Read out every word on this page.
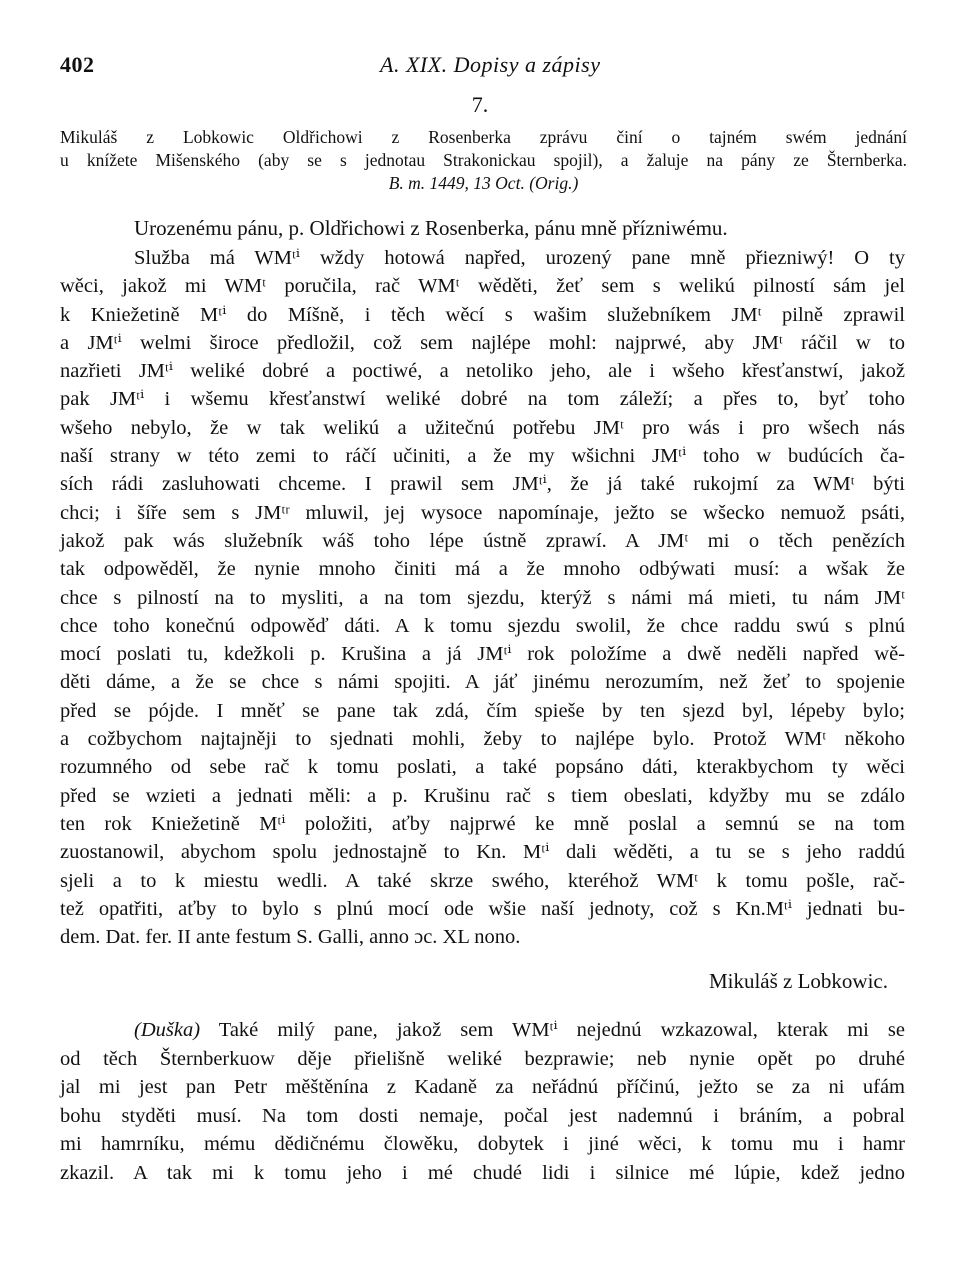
402	A. XIX. Dopisy a zápisy
7.
Mikuláš z Lobkowic Oldřichowi z Rosenberka zprávu činí o tajném swém jednání
u knížete Mišenského (aby se s jednotau Strakonickau spojil), a žaluje na pány ze Šternberka.
B. m. 1449, 13 Oct. (Orig.)
Urozenému pánu, p. Oldřichowi z Rosenberka, pánu mně přízniwému.
Služba má WMᵗⁱ wždy hotowá napřed, urozený pane mně přiezniwý! O ty
wěci, jakož mi WMᵗ poručila, rač WMᵗ wěděti, žeť sem s welikú pilností sám jel
k Kniežetině Mᵗⁱ do Míšně, i těch wěcí s wašim služebníkem JMᵗ pilně zprawil
a JMᵗⁱ welmi široce předložil, což sem najlépe mohl: najprwé, aby JMᵗ ráčil w to
nazřieti JMᵗⁱ weliké dobré a poctiwé, a netoliko jeho, ale i wšeho křesťanstwí, jakož
pak JMᵗⁱ i wšemu křesťanstwí weliké dobré na tom záleží; a přes to, byť toho
wšeho nebylo, že w tak welikú a užitečnú potřebu JMᵗ pro wás i pro wšech nás
naší strany w této zemi to ráčí učiniti, a že my wšichni JMᵗⁱ toho w budúcích ča-
sích rádi zasluhowati chceme. I prawil sem JMᵗⁱ, že já také rukojmí za WMᵗ býti
chci; i šíře sem s JMᵗʳ mluwil, jej wysoce napomínaje, ježto se wšecko nemuož psáti,
jakož pak wás služebník wáš toho lépe ústně zprawí. A JMᵗ mi o těch penězích
tak odpowěděl, že nynie mnoho činiti má a že mnoho odbýwati musí: a wšak že
chce s pilností na to mysliti, a na tom sjezdu, kterýž s námi má mieti, tu nám JMᵗ
chce toho konečnú odpowěď dáti. A k tomu sjezdu swolil, že chce raddu swú s plnú
mocí poslati tu, kdežkoli p. Krušina a já JMᵗⁱ rok položíme a dwě neděli napřed wě-
děti dáme, a že se chce s námi spojiti. A jáť jinému nerozumím, než žeť to spojenie
před se pójde. I mněť se pane tak zdá, čím spieše by ten sjezd byl, lépeby bylo;
a cožbychom najtajněji to sjednati mohli, žeby to najlépe bylo. Protož WMᵗ někoho
rozumného od sebe rač k tomu poslati, a také popsáno dáti, kterakbychom ty wěci
před se wzieti a jednati měli: a p. Krušinu rač s tiem obeslati, kdyžby mu se zdálo
ten rok Kniežetině Mᵗⁱ položiti, aťby najprwé ke mně poslal a semnú se na tom
zuostanowil, abychom spolu jednostajně to Kn. Mᵗⁱ dali wěděti, a tu se s jeho raddú
sjeli a to k miestu wedli. A také skrze swého, kteréhož WMᵗ k tomu pošle, rač-
tež opatřiti, aťby to bylo s plnú mocí ode wšie naší jednoty, což s Kn.Mᵗⁱ jednati bu-
dem. Dat. fer. II ante festum S. Galli, anno ɔc. XL nono.
Mikuláš z Lobkowic.
(Duška) Také milý pane, jakož sem WMᵗⁱ nejednú wzkazowal, kterak mi se
od těch Šternberkuow děje přielišně weliké bezprawie; neb nynie opět po druhé
jal mi jest pan Petr měštěnína z Kadaně za neřádnú příčinú, ježto se za ni ufám
bohu styděti musí. Na tom dosti nemaje, počal jest nademnú i bráním, a pobral
mi hamrníku, mému dědičnému člowěku, dobytek i jiné wěci, k tomu mu i hamr
zkazil. A tak mi k tomu jeho i mé chudé lidi i silnice mé lúpie, kdež jedno
